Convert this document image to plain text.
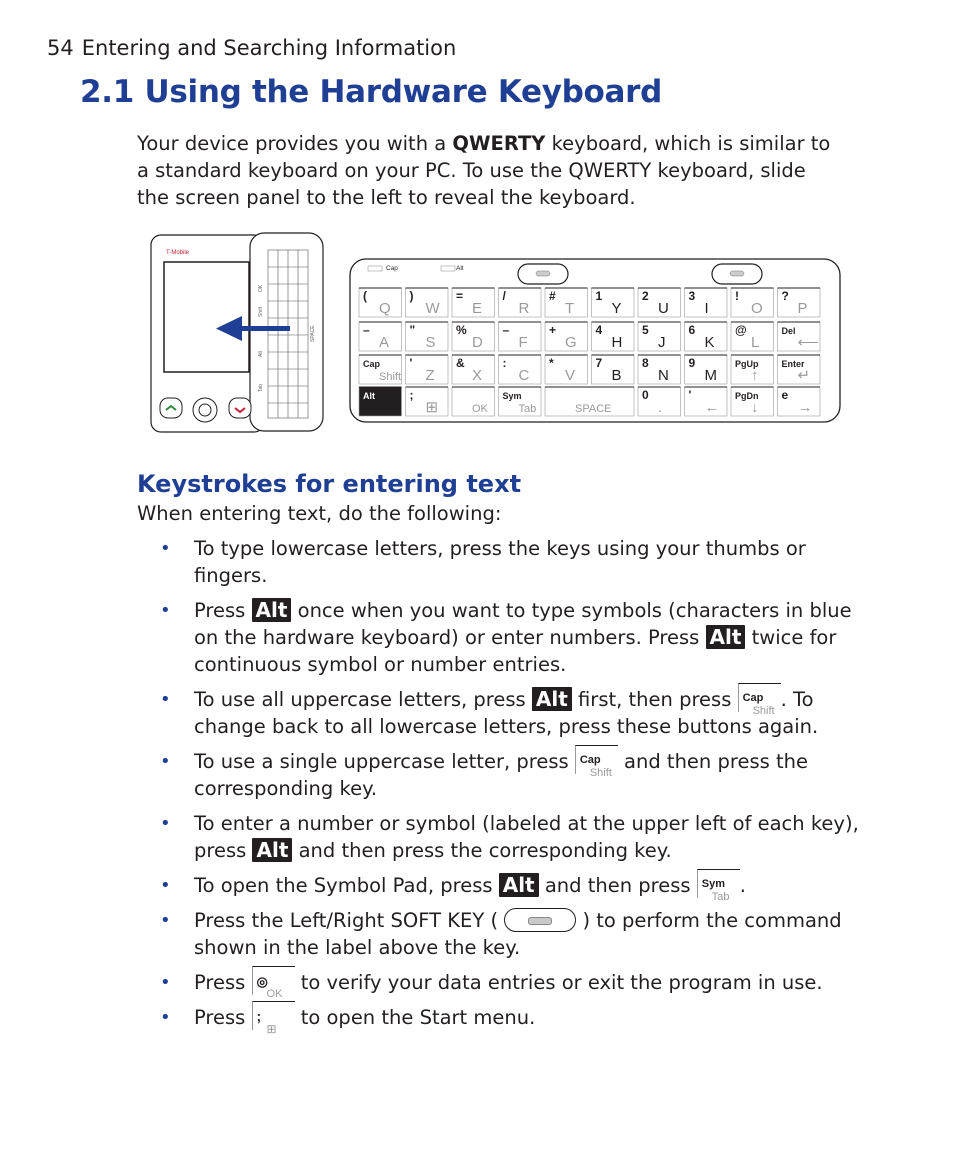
54 Entering and Searching Information
2.1 Using the Hardware Keyboard

Your device provides you with a QWERTY keyboard, which is similar to a standard keyboard on your PC. To use the QWERTY keyboard, slide the screen panel to the left to reveal the keyboard.

T-Mobile
SPACE
Alt
Tab
Shift
OK
Cap	Alt
(
Q
)
W
=
E
/
R
#
T
1
Y
2
U
3
I
!
O
?
P
–
A
"
S
%
D
–
F
+
G
4
H
5
J
6
K
@
L
Del
⟵
Cap
Shift
'
Z
&
X
:
C
*
V
7
B
8
N
9
M
PgUp
↑
Enter
↵
Alt	;
⊞	OK
Sym
Tab	SPACE
0
.
'
←
PgDn
↓
e
→
Keystrokes for entering text
When entering text, do the following:
• To type lowercase letters, press the keys using your thumbs or fingers.
• Press Alt once when you want to type symbols (characters in blue on the hardware keyboard) or enter numbers. Press Alt twice for continuous symbol or number entries.
• To use all uppercase letters, press Alt first, then press Cap
Shift . To change back to all lowercase letters, press these buttons again.
• To use a single uppercase letter, press Cap
Shift and then press the corresponding key.
• To enter a number or symbol (labeled at the upper left of each key), press Alt and then press the corresponding key.
• To open the Symbol Pad, press Alt and then press Sym
Tab .
• Press the Left/Right SOFT KEY (	) to perform the command shown in the label above the key.
• Press ◎
OK to verify your data entries or exit the program in use.
• Press ;
⊞ to open the Start menu.
